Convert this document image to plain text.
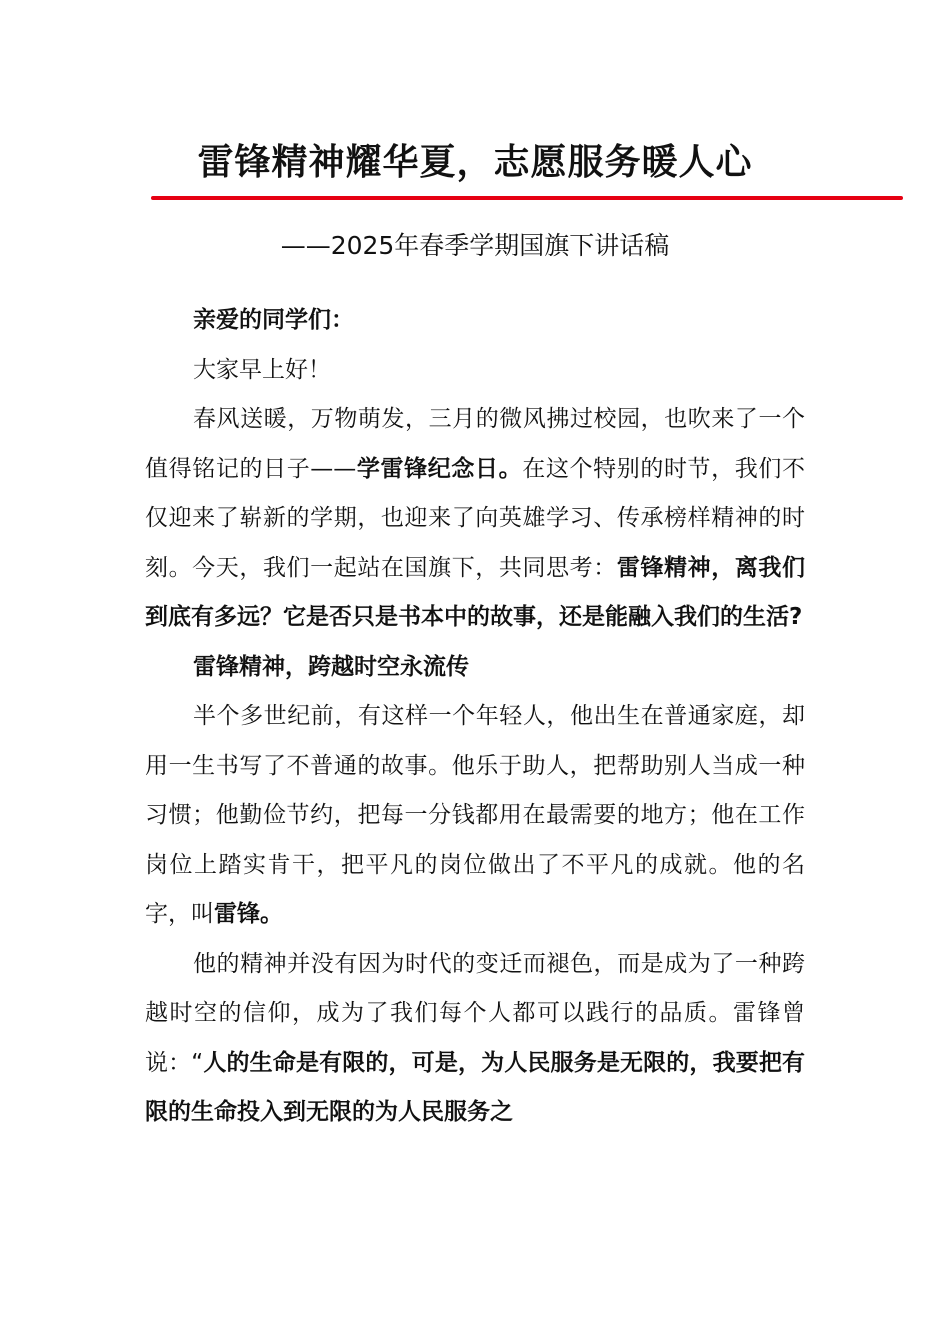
雷锋精神耀华夏，志愿服务暖人心
——2025年春季学期国旗下讲话稿

亲爱的同学们：

大家早上好！

春风送暖，万物萌发，三月的微风拂过校园，也吹来了一个值得铭记的日子——学雷锋纪念日。在这个特别的时节，我们不仅迎来了崭新的学期，也迎来了向英雄学习、传承榜样精神的时刻。今天，我们一起站在国旗下，共同思考：雷锋精神，离我们到底有多远？它是否只是书本中的故事，还是能融入我们的生活?

雷锋精神，跨越时空永流传

半个多世纪前，有这样一个年轻人，他出生在普通家庭，却用一生书写了不普通的故事。他乐于助人，把帮助别人当成一种习惯；他勤俭节约，把每一分钱都用在最需要的地方；他在工作岗位上踏实肯干，把平凡的岗位做出了不平凡的成就。他的名字，叫雷锋。

他的精神并没有因为时代的变迁而褪色，而是成为了一种跨越时空的信仰，成为了我们每个人都可以践行的品质。雷锋曾说：“人的生命是有限的，可是，为人民服务是无限的，我要把有限的生命投入到无限的为人民服务之
